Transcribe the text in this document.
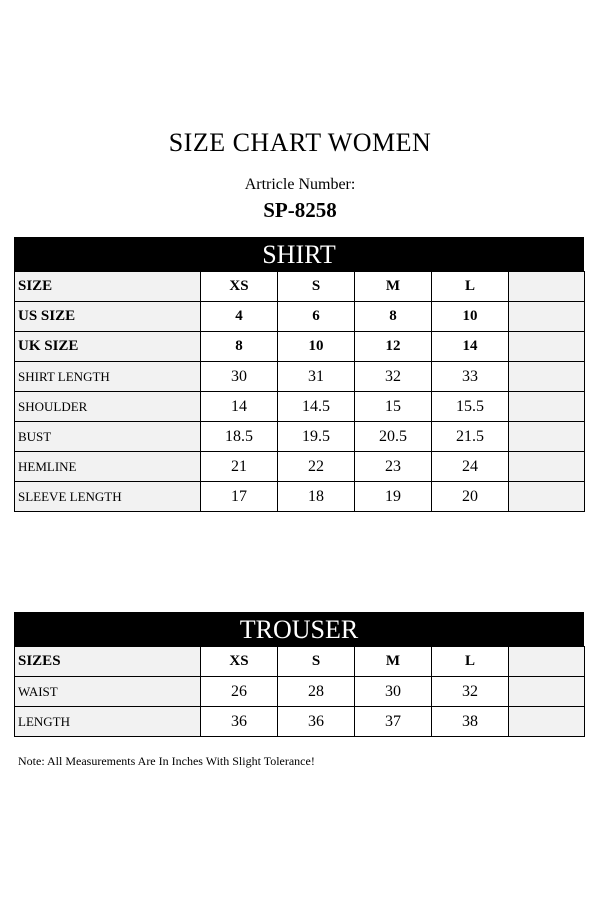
SIZE CHART WOMEN
Artricle Number:
SP-8258
SHIRT
SIZE	XS	S	M	L	
US SIZE	4	6	8	10	
UK SIZE	8	10	12	14	
SHIRT LENGTH	30	31	32	33	
SHOULDER	14	14.5	15	15.5	
BUST	18.5	19.5	20.5	21.5	
HEMLINE	21	22	23	24	
SLEEVE LENGTH	17	18	19	20	
TROUSER
SIZES	XS	S	M	L	
WAIST	26	28	30	32	
LENGTH	36	36	37	38	
Note: All Measurements Are In Inches With Slight Tolerance!
